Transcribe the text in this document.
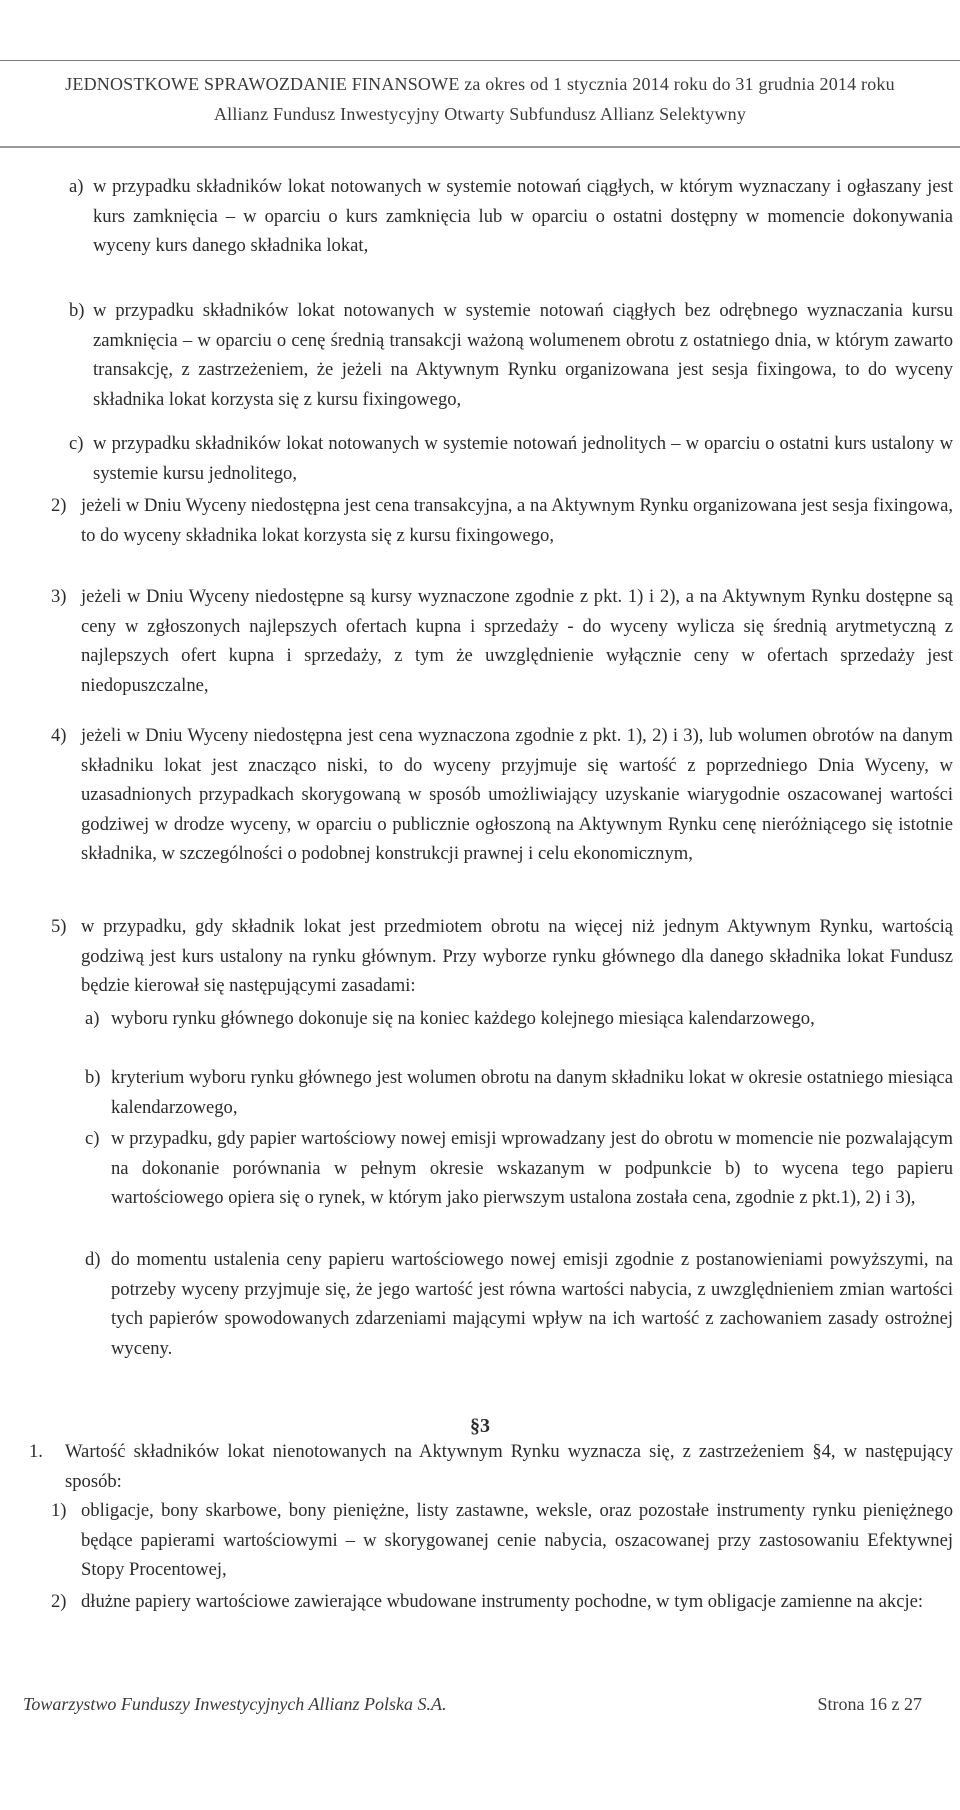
JEDNOSTKOWE SPRAWOZDANIE FINANSOWE za okres od 1 stycznia 2014 roku do 31 grudnia 2014 roku
Allianz Fundusz Inwestycyjny Otwarty Subfundusz Allianz Selektywny

a) w przypadku składników lokat notowanych w systemie notowań ciągłych, w którym wyznaczany i ogłaszany jest kurs zamknięcia – w oparciu o kurs zamknięcia lub w oparciu o ostatni dostępny w momencie dokonywania wyceny kurs danego składnika lokat,

b) w przypadku składników lokat notowanych w systemie notowań ciągłych bez odrębnego wyznaczania kursu zamknięcia – w oparciu o cenę średnią transakcji ważoną wolumenem obrotu z ostatniego dnia, w którym zawarto transakcję, z zastrzeżeniem, że jeżeli na Aktywnym Rynku organizowana jest sesja fixingowa, to do wyceny składnika lokat korzysta się z kursu fixingowego,

c) w przypadku składników lokat notowanych w systemie notowań jednolitych – w oparciu o ostatni kurs ustalony w systemie kursu jednolitego,

2) jeżeli w Dniu Wyceny niedostępna jest cena transakcyjna, a na Aktywnym Rynku organizowana jest sesja fixingowa, to do wyceny składnika lokat korzysta się z kursu fixingowego,

3) jeżeli w Dniu Wyceny niedostępne są kursy wyznaczone zgodnie z pkt. 1) i 2), a na Aktywnym Rynku dostępne są ceny w zgłoszonych najlepszych ofertach kupna i sprzedaży - do wyceny wylicza się średnią arytmetyczną z najlepszych ofert kupna i sprzedaży, z tym że uwzględnienie wyłącznie ceny w ofertach sprzedaży jest niedopuszczalne,

4) jeżeli w Dniu Wyceny niedostępna jest cena wyznaczona zgodnie z pkt. 1), 2) i 3), lub wolumen obrotów na danym składniku lokat jest znacząco niski, to do wyceny przyjmuje się wartość z poprzedniego Dnia Wyceny, w uzasadnionych przypadkach skorygowaną w sposób umożliwiający uzyskanie wiarygodnie oszacowanej wartości godziwej w drodze wyceny, w oparciu o publicznie ogłoszoną na Aktywnym Rynku cenę nieróżniącego się istotnie składnika, w szczególności o podobnej konstrukcji prawnej i celu ekonomicznym,

5) w przypadku, gdy składnik lokat jest przedmiotem obrotu na więcej niż jednym Aktywnym Rynku, wartością godziwą jest kurs ustalony na rynku głównym. Przy wyborze rynku głównego dla danego składnika lokat Fundusz będzie kierował się następującymi zasadami:

a) wyboru rynku głównego dokonuje się na koniec każdego kolejnego miesiąca kalendarzowego,

b) kryterium wyboru rynku głównego jest wolumen obrotu na danym składniku lokat w okresie ostatniego miesiąca kalendarzowego,

c) w przypadku, gdy papier wartościowy nowej emisji wprowadzany jest do obrotu w momencie nie pozwalającym na dokonanie porównania w pełnym okresie wskazanym w podpunkcie b) to wycena tego papieru wartościowego opiera się o rynek, w którym jako pierwszym ustalona została cena, zgodnie z pkt.1), 2) i 3),

d) do momentu ustalenia ceny papieru wartościowego nowej emisji zgodnie z postanowieniami powyższymi, na potrzeby wyceny przyjmuje się, że jego wartość jest równa wartości nabycia, z uwzględnieniem zmian wartości tych papierów spowodowanych zdarzeniami mającymi wpływ na ich wartość z zachowaniem zasady ostrożnej wyceny.

§3

1. Wartość składników lokat nienotowanych na Aktywnym Rynku wyznacza się, z zastrzeżeniem §4, w następujący sposób:

1) obligacje, bony skarbowe, bony pieniężne, listy zastawne, weksle, oraz pozostałe instrumenty rynku pieniężnego będące papierami wartościowymi – w skorygowanej cenie nabycia, oszacowanej przy zastosowaniu Efektywnej Stopy Procentowej,

2) dłużne papiery wartościowe zawierające wbudowane instrumenty pochodne, w tym obligacje zamienne na akcje:

Towarzystwo Funduszy Inwestycyjnych Allianz Polska S.A.	Strona 16 z 27
